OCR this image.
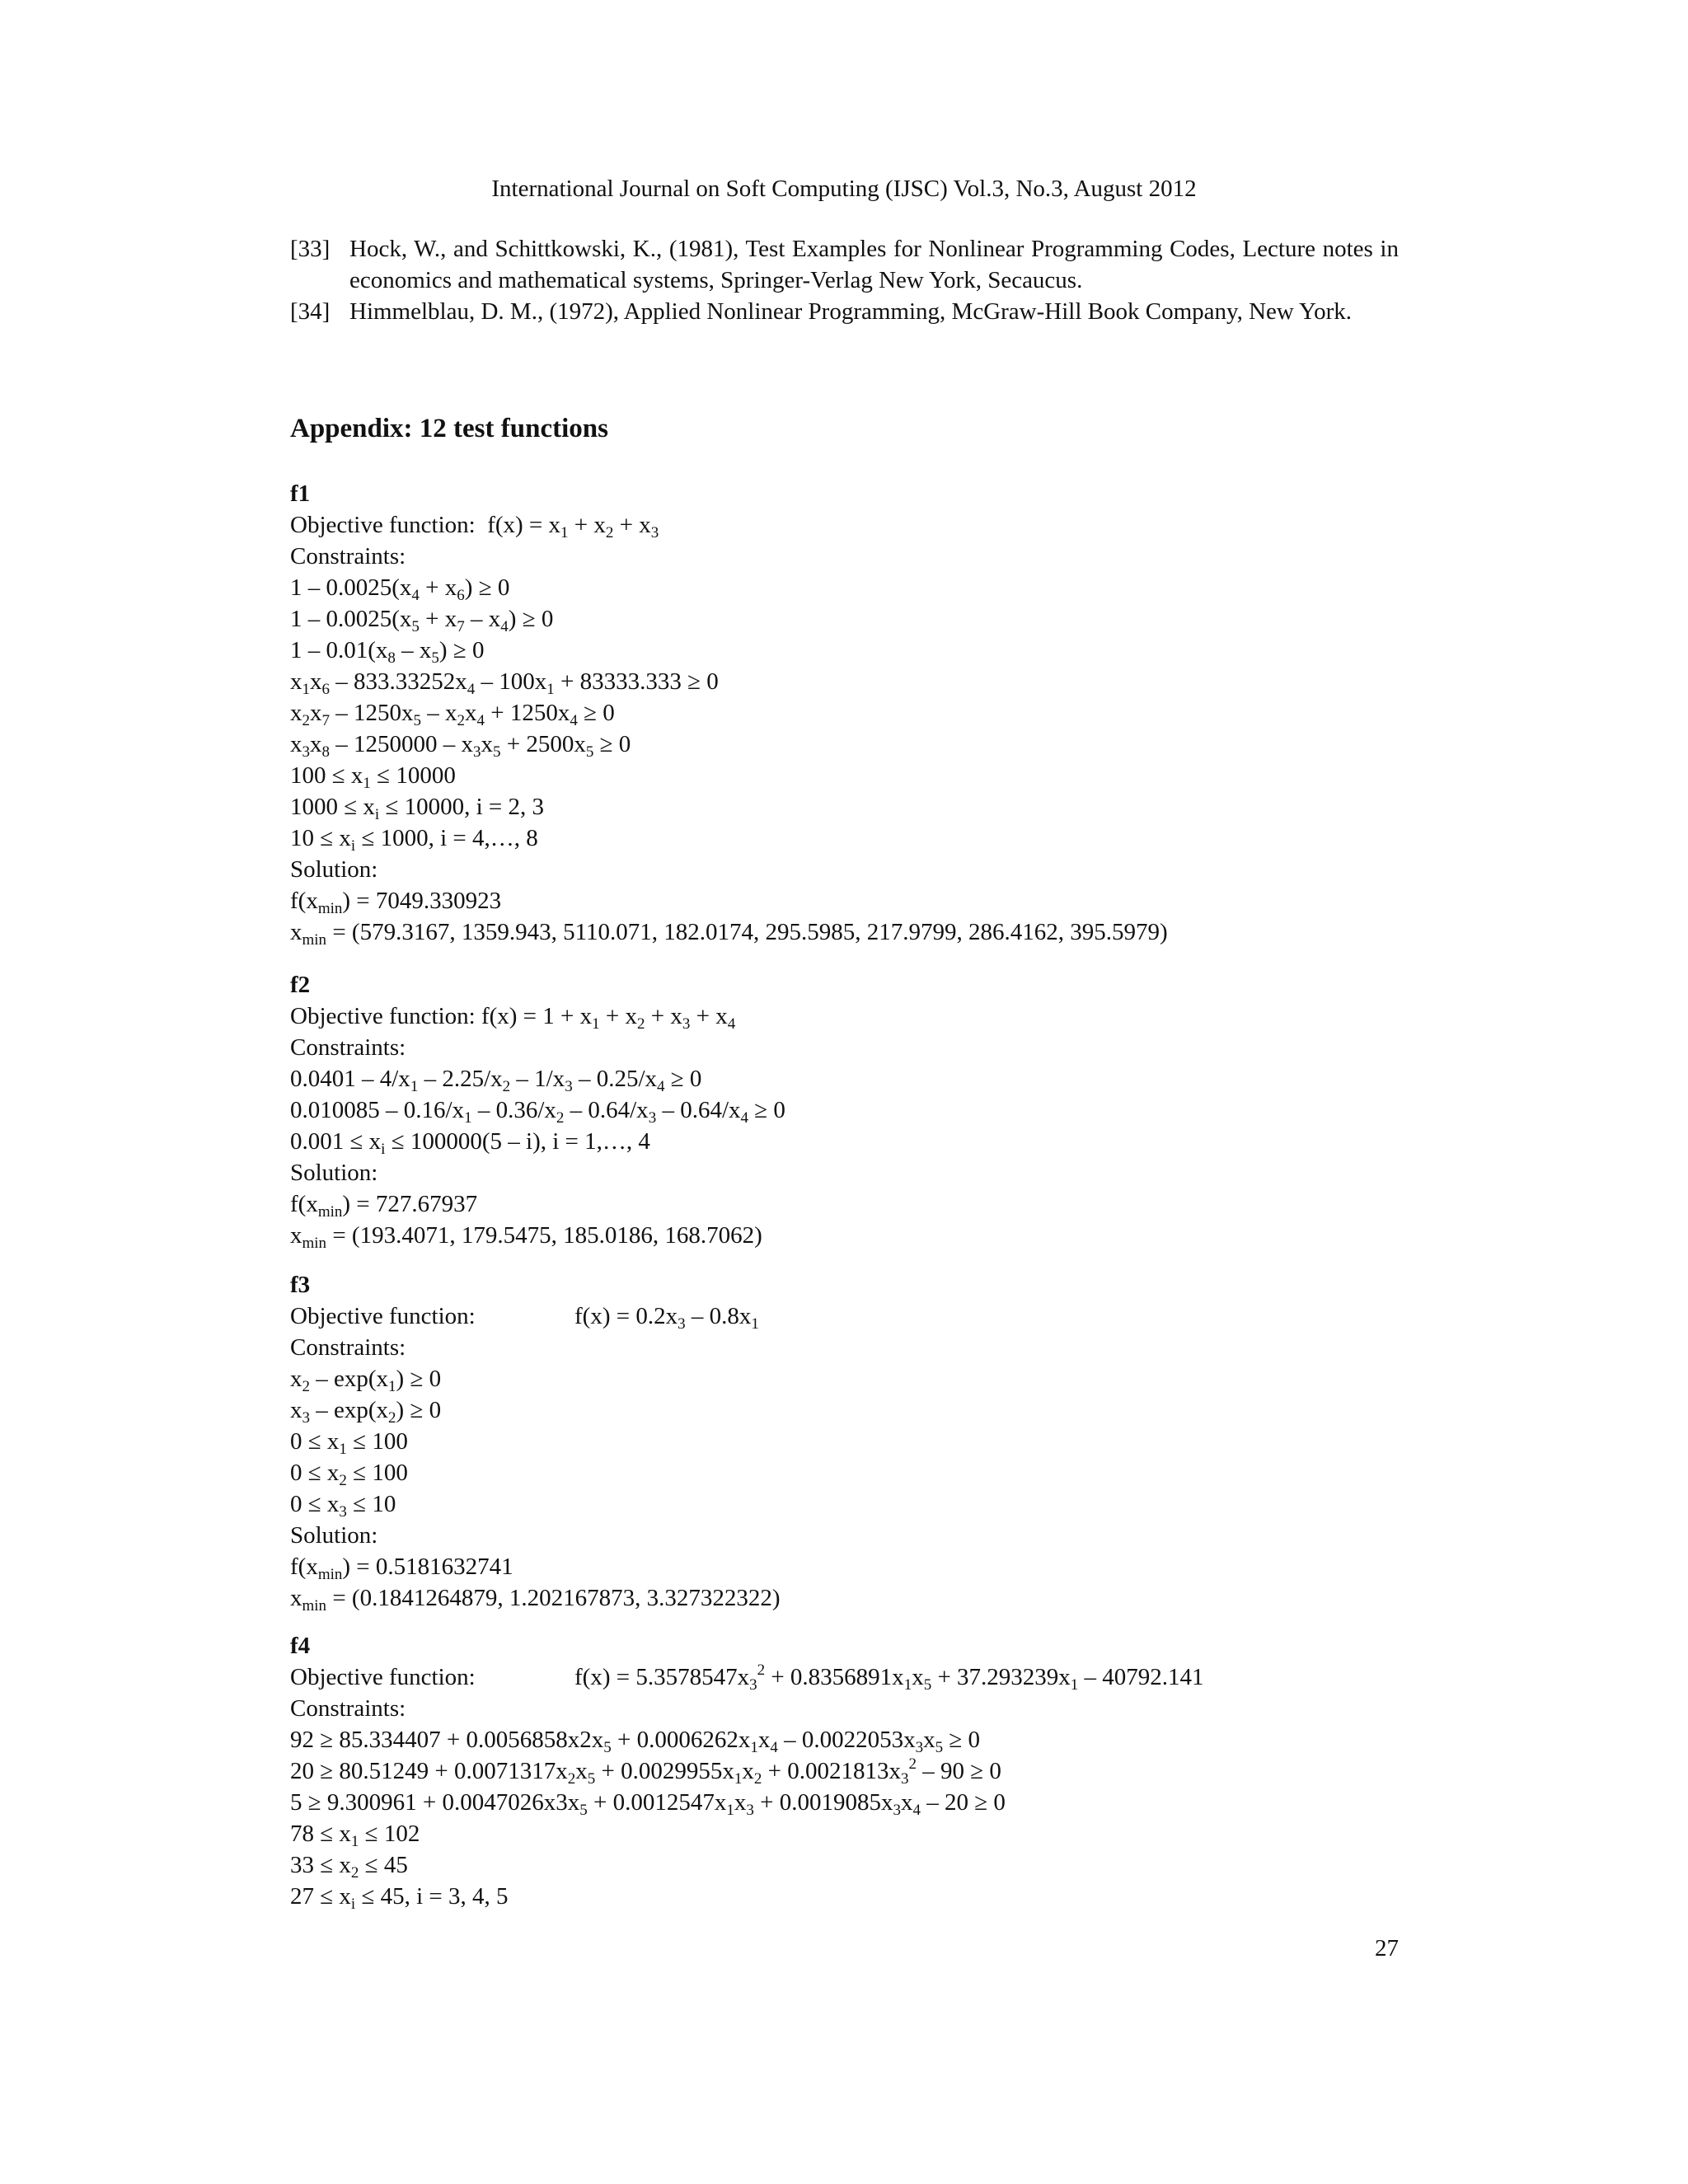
International Journal on Soft Computing (IJSC) Vol.3, No.3, August 2012
[33] Hock, W., and Schittkowski, K., (1981), Test Examples for Nonlinear Programming Codes, Lecture notes in economics and mathematical systems, Springer-Verlag New York, Secaucus.
[34] Himmelblau, D. M., (1972), Applied Nonlinear Programming, McGraw-Hill Book Company, New York.
Appendix: 12 test functions
f1
Objective function: $f(x) = x_1 + x_2 + x_3$
Constraints:
$1 - 0.0025(x_4 + x_6) \ge 0$
$1 - 0.0025(x_5 + x_7 - x_4) \ge 0$
$1 - 0.01(x_8 - x_5) \ge 0$
$x_1x_6 - 833.33252x_4 - 100x_1 + 83333.333 \ge 0$
$x_2x_7 - 1250x_5 - x_2x_4 + 1250x_4 \ge 0$
$x_3x_8 - 1250000 - x_3x_5 + 2500x_5 \ge 0$
$100 \le x_1 \le 10000$
$1000 \le x_i \le 10000$, i = 2, 3
$10 \le x_i \le 1000$, i = 4,…, 8
Solution:
$f(x_{min}) = 7049.330923$
$x_{min} = (579.3167$, 1359.943, 5110.071, 182.0174, 295.5985, 217.9799, 286.4162, 395.5979)
f2
Objective function: $f(x) = 1 + x_1 + x_2 + x_3 + x_4$
Constraints:
$0.0401 - 4/x_1 - 2.25/x_2 - 1/x_3 - 0.25/x_4 \ge 0$
$0.010085 - 0.16/x_1 - 0.36/x_2 - 0.64/x_3 - 0.64/x_4 \ge 0$
$0.001 \le x_i \le 100000(5 - i)$, i = 1,…, 4
Solution:
$f(x_{min}) = 727.67937$
$x_{min} = (193.4071$, 179.5475, 185.0186, 168.7062)
f3
Objective function:	$f(x) = 0.2x_3 - 0.8x_1$
Constraints:
$x_2 - \exp(x_1) \ge 0$
$x_3 - \exp(x_2) \ge 0$
$0 \le x_1 \le 100$
$0 \le x_2 \le 100$
$0 \le x_3 \le 10$
Solution:
$f(x_{min}) = 0.5181632741$
$x_{min} = (0.1841264879$, 1.202167873, 3.327322322)
f4
Objective function:	$f(x) = 5.3578547x_3^2 + 0.8356891x_1x_5 + 37.293239x_1 - 40792.141$
Constraints:
$92 \ge 85.334407 + 0.0056858x2x_5 + 0.0006262x_1x_4 - 0.0022053x_3x_5 \ge 0$
$20 \ge 80.51249 + 0.0071317x_2x_5 + 0.0029955x_1x_2 + 0.0021813x_3^2 - 90 \ge 0$
$5 \ge 9.300961 + 0.0047026x3x_5 + 0.0012547x_1x_3 + 0.0019085x_3x_4 - 20 \ge 0$
$78 \le x_1 \le 102$
$33 \le x_2 \le 45$
$27 \le x_i \le 45$, i = 3, 4, 5
27
